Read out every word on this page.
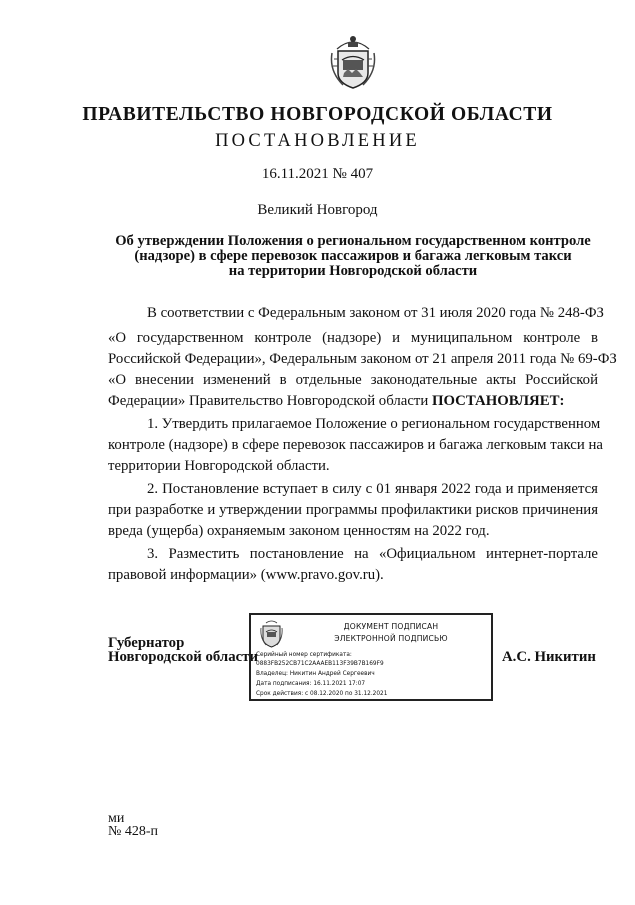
ПРАВИТЕЛЬСТВО НОВГОРОДСКОЙ ОБЛАСТИ
ПОСТАНОВЛЕНИЕ
16.11.2021 № 407
Великий Новгород
Об утверждении Положения о региональном государственном контроле
(надзоре) в сфере перевозок пассажиров и багажа легковым такси
на территории Новгородской области
В соответствии с Федеральным законом от 31 июля 2020 года № 248-ФЗ
«О государственном контроле (надзоре) и муниципальном контроле в
Российской Федерации», Федеральным законом от 21 апреля 2011 года № 69-ФЗ
«О внесении изменений в отдельные законодательные акты Российской
Федерации» Правительство Новгородской области ПОСТАНОВЛЯЕТ:
1. Утвердить прилагаемое Положение о региональном государственном
контроле (надзоре) в сфере перевозок пассажиров и багажа легковым такси на
территории Новгородской области.
2. Постановление вступает в силу с 01 января 2022 года и применяется
при разработке и утверждении программы профилактики рисков причинения
вреда (ущерба) охраняемым законом ценностям на 2022 год.
3. Разместить постановление на «Официальном интернет-портале
правовой информации» (www.pravo.gov.ru).
Губернатор
Новгородской области
ДОКУМЕНТ ПОДПИСАН
ЭЛЕКТРОННОЙ ПОДПИСЬЮ
Серийный номер сертификата:
0883FB252CB71C2AAAEB113F39B7B169F9
Владелец: Никитин Андрей Сергеевич
Дата подписания: 16.11.2021 17:07
Срок действия: с 08.12.2020 по 31.12.2021
А.С. Никитин
ми
№ 428-п
